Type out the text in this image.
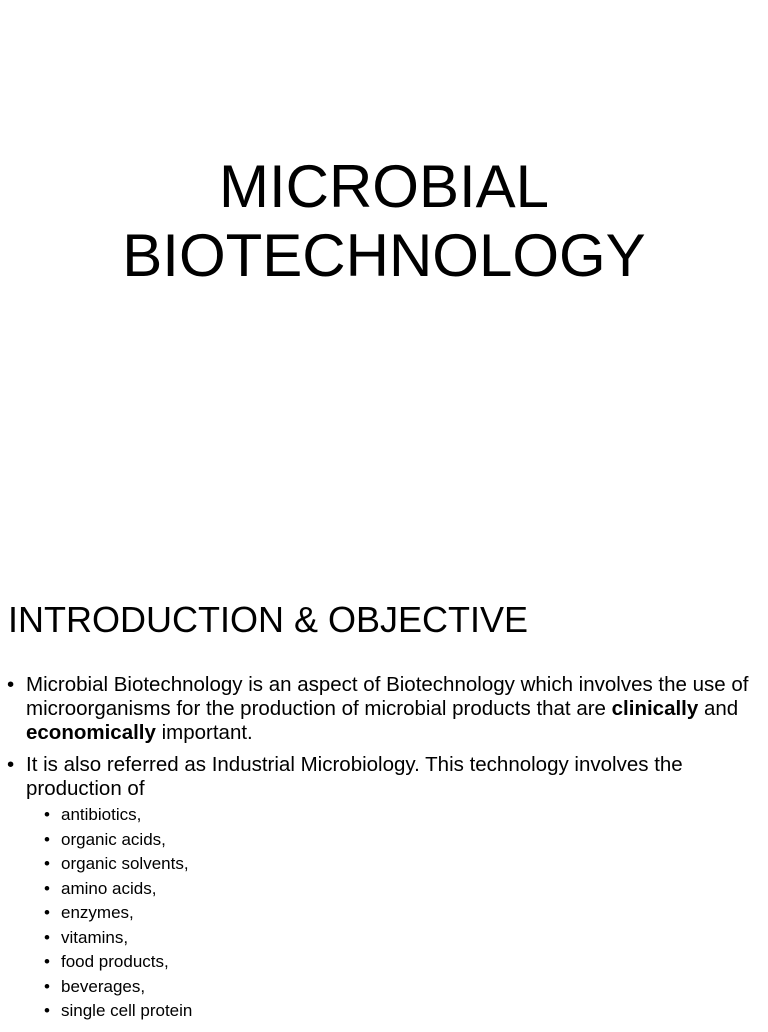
MICROBIAL
BIOTECHNOLOGY
INTRODUCTION & OBJECTIVE
• Microbial Biotechnology is an aspect of Biotechnology which involves the use of microorganisms for the production of microbial products that are clinically and economically important.
• It is also referred as Industrial Microbiology. This technology involves the production of
• antibiotics,
• organic acids,
• organic solvents,
• amino acids,
• enzymes,
• vitamins,
• food products,
• beverages,
• single cell protein
